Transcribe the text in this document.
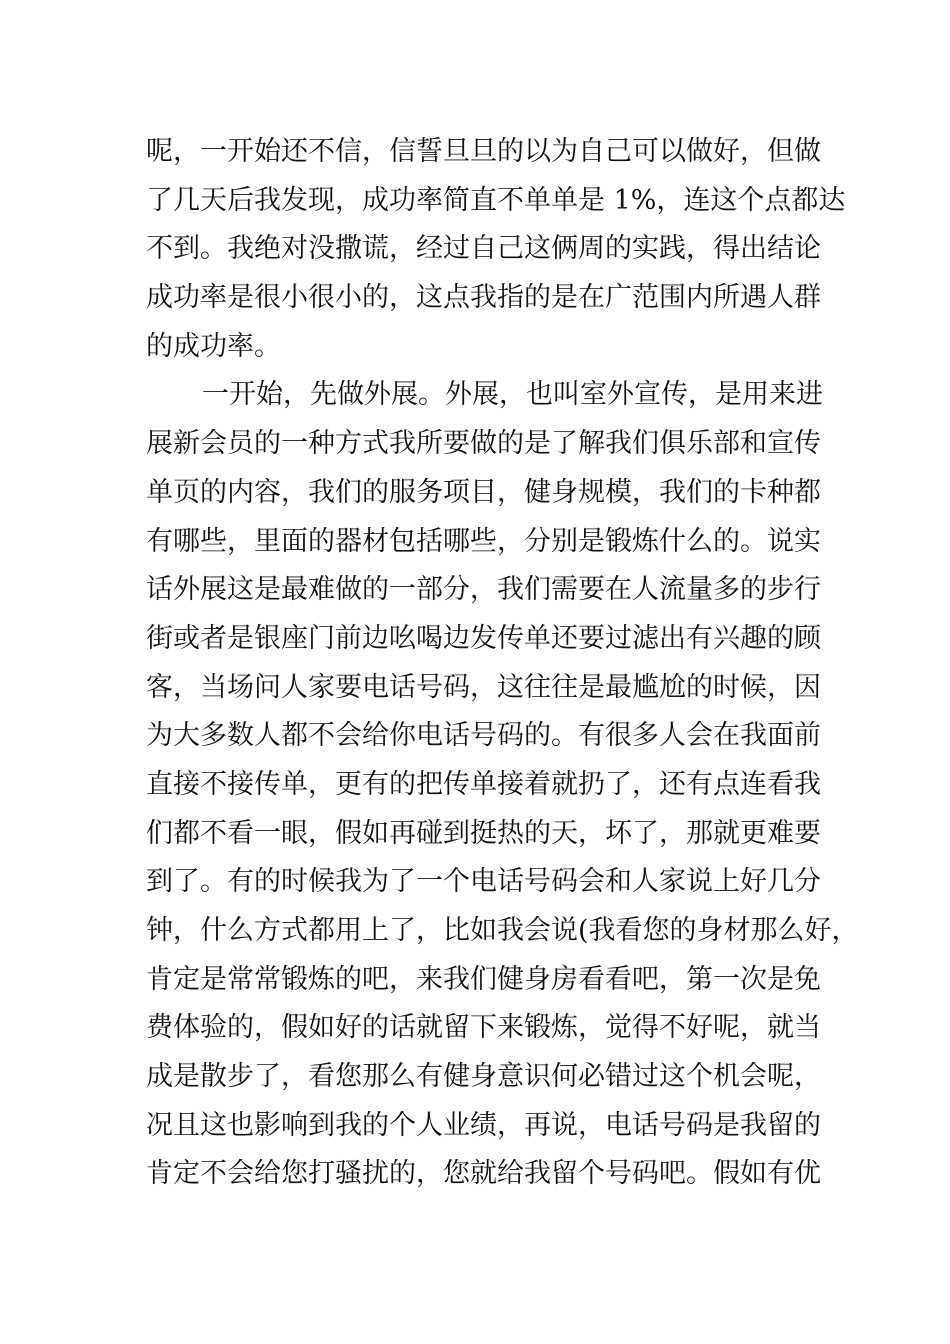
呢，一开始还不信，信誓旦旦的以为自己可以做好，但做
了几天后我发现，成功率简直不单单是 1%，连这个点都达
不到。我绝对没撒谎，经过自己这俩周的实践，得出结论
成功率是很小很小的，这点我指的是在广范围内所遇人群
的成功率。
一开始，先做外展。外展，也叫室外宣传，是用来进
展新会员的一种方式我所要做的是了解我们俱乐部和宣传
单页的内容，我们的服务项目，健身规模，我们的卡种都
有哪些，里面的器材包括哪些，分别是锻炼什么的。说实
话外展这是最难做的一部分，我们需要在人流量多的步行
街或者是银座门前边吆喝边发传单还要过滤出有兴趣的顾
客，当场问人家要电话号码，这往往是最尴尬的时候，因
为大多数人都不会给你电话号码的。有很多人会在我面前
直接不接传单，更有的把传单接着就扔了，还有点连看我
们都不看一眼，假如再碰到挺热的天，坏了，那就更难要
到了。有的时候我为了一个电话号码会和人家说上好几分
钟，什么方式都用上了，比如我会说(我看您的身材那么好，
肯定是常常锻炼的吧，来我们健身房看看吧，第一次是免
费体验的，假如好的话就留下来锻炼，觉得不好呢，就当
成是散步了，看您那么有健身意识何必错过这个机会呢，
况且这也影响到我的个人业绩，再说，电话号码是我留的
肯定不会给您打骚扰的，您就给我留个号码吧。假如有优
